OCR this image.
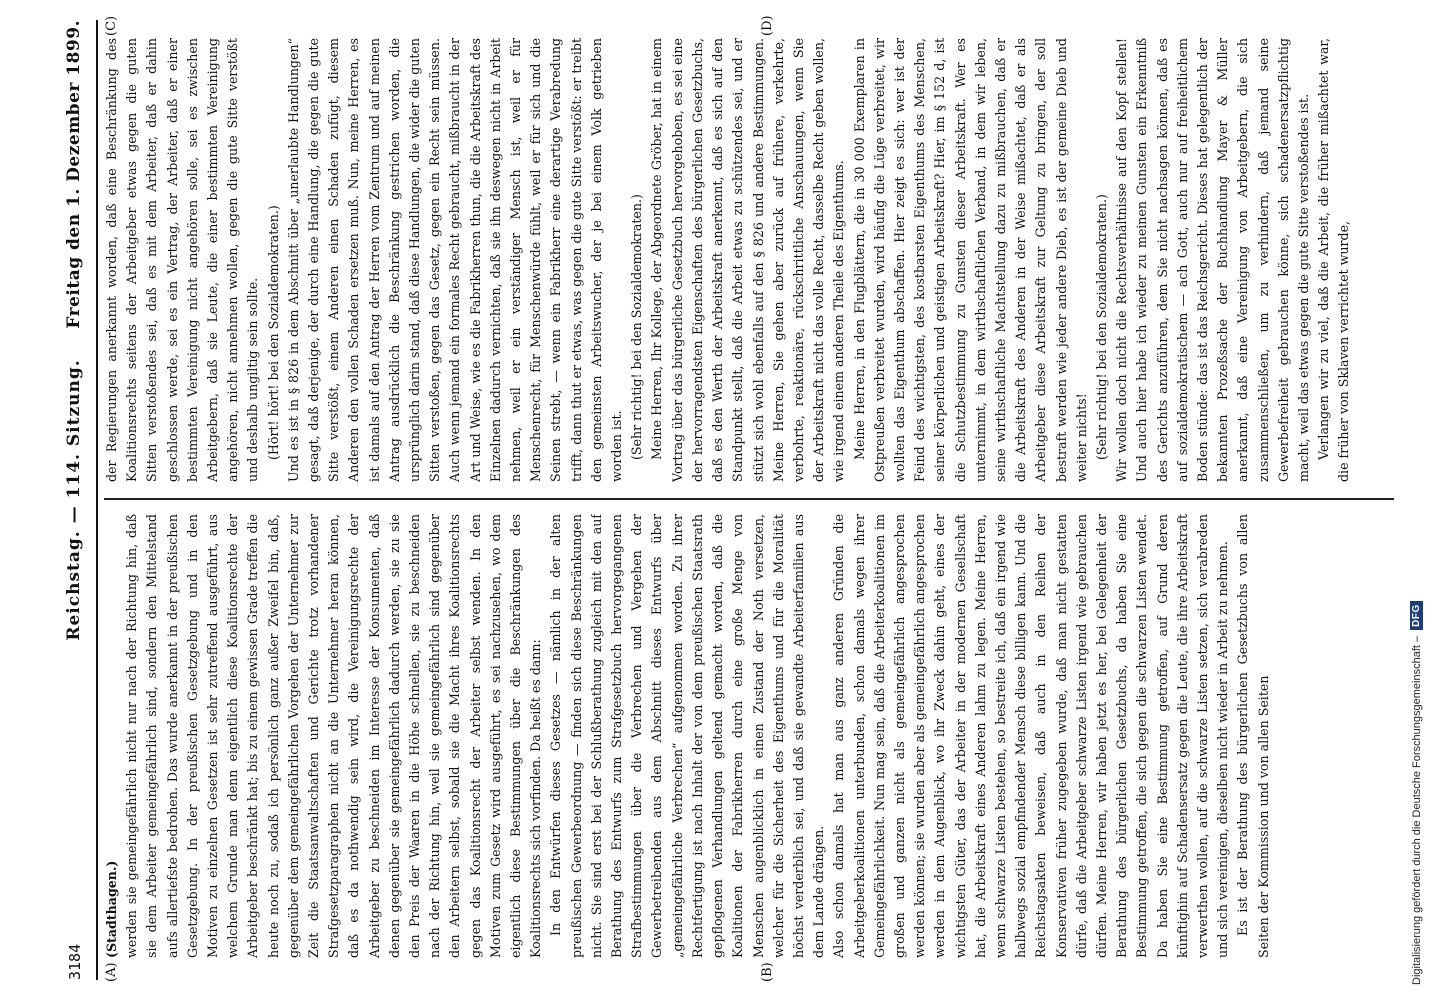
3184
Reichstag. — 114. Sitzung.
Freitag den 1. Dezember 1899.
(A)	(B)
(C)	(D)

(Stadthagen.) werden sie gemeingefährlich nicht nur nach der Richtung hin, daß sie dem Arbeiter gemeingefährlich sind, sondern den Mittelstand aufs allertiefste bedrohen. Das wurde anerkannt in der preußischen Gesetzgebung. In der preußischen Gesetzgebung und in den Motiven zu einzelnen Gesetzen ist sehr zutreffend ausgeführt, aus welchem Grunde man denn eigentlich diese Koalitionsrechte der Arbeitgeber beschränkt hat; bis zu einem gewissen Grade treffen die heute noch zu, sodaß ich persönlich ganz außer Zweifel bin, daß, gegenüber dem gemeingefährlichen Vorgehen der Unternehmer zur Zeit die Staatsanwaltschaften und Gerichte trotz vorhandener Strafgesetzparagraphen nicht an die Unternehmer heran können, daß es da nothwendig sein wird, die Vereinigungsrechte der Arbeitgeber zu beschneiden im Interesse der Konsumenten, daß denen gegenüber sie gemeingefährlich dadurch werden, sie zu sie den Preis der Waaren in die Höhe schnellen, sie zu beschneiden nach der Richtung hin, weil sie gemeingefährlich sind gegenüber den Arbeitern selbst, sobald sie die Macht ihres Koalitionsrechts gegen das Koalitionsrecht der Arbeiter selbst wenden. In den Motiven zum Gesetz wird ausgeführt, es sei nachzusehen, wo dem eigentlich diese Bestimmungen über die Beschränkungen des Koalitionsrechts sich vorfinden. Da heißt es dann: In den Entwürfen dieses Gesetzes — nämlich in der alten preußischen Gewerbeordnung — finden sich diese Beschränkungen nicht. Sie sind erst bei der Schlußberathung zugleich mit den auf Berathung des Entwurfs zum Strafgesetzbuch hervorgegangenen Strafbestimmungen über die Verbrechen und Vergehen der Gewerbetreibenden aus dem Abschnitt dieses Entwurfs über „gemeingefährliche Verbrechen“ aufgenommen worden. Zu ihrer Rechtfertigung ist nach Inhalt der von dem preußischen Staatsrath gepflogenen Verhandlungen geltend gemacht worden, daß die Koalitionen der Fabrikherren durch eine große Menge von Menschen augenblicklich in einen Zustand der Noth versetzen, welcher für die Sicherheit des Eigenthums und für die Moralität höchst verderblich sei, und daß sie gewandte Arbeiterfamilien aus dem Lande drängen. Also schon damals hat man aus ganz anderen Gründen die Arbeitgeberkoalitionen unterbunden, schon damals wegen ihrer Gemeingefährlichkeit. Nun mag sein, daß die Arbeiterkoalitionen im großen und ganzen nicht als gemeingefährlich angesprochen werden können; sie wurden aber als gemeingefährlich angesprochen werden in dem Augenblick, wo ihr Zweck dahin geht, eines der wichtigsten Güter, das der Arbeiter in der modernen Gesellschaft hat, die Arbeitskraft eines Anderen lahm zu legen. Meine Herren, wenn schwarze Listen bestehen, so bestreite ich, daß ein irgend wie halbwegs sozial empfindender Mensch diese billigen kann. Und die Reichstagsakten beweisen, daß auch in den Reihen der Konservativen früher zugegeben wurde, daß man nicht gestatten dürfe, daß die Arbeitgeber schwarze Listen irgend wie gebrauchen dürfen. Meine Herren, wir haben jetzt es her, bei Gelegenheit der Berathung des bürgerlichen Gesetzbuchs, da haben Sie eine Bestimmung getroffen, die sich gegen die schwarzen Listen wendet. Da haben Sie eine Bestimmung getroffen, auf Grund deren künftighin auf Schadensersatz gegen die Leute, die ihre Arbeitskraft verwerthen wollen, auf die schwarze Listen setzen, sich verabreden und sich vereinigen, dieselben nicht wieder in Arbeit zu nehmen. Es ist der Berathung des bürgerlichen Gesetzbuchs von allen Seiten der Kommission und von allen Seiten

der Regierungen anerkannt worden, daß eine Beschränkung des Koalitionsrechts seitens der Arbeitgeber etwas gegen die guten Sitten verstoßendes sei, daß es mit dem Arbeiter, daß er dahin geschlossen werde, sei es ein Vertrag, der Arbeiter, daß er einer bestimmten Vereinigung nicht angehören solle, sei es zwischen Arbeitgebern, daß sie Leute, die einer bestimmten Vereinigung angehören, nicht annehmen wollen, gegen die gute Sitte verstößt und deshalb ungiltig sein sollte. (Hört! hört! bei den Sozialdemokraten.) Und es ist in § 826 in dem Abschnitt über „unerlaubte Handlungen“ gesagt, daß derjenige, der durch eine Handlung, die gegen die gute Sitte verstößt, einem Anderen einen Schaden zufügt, diesem Anderen den vollen Schaden ersetzen muß. Nun, meine Herren, es ist damals auf den Antrag der Herren vom Zentrum und auf meinen Antrag ausdrücklich die Beschränkung gestrichen worden, die ursprünglich darin stand, daß diese Handlungen, die wider die guten Sitten verstoßen, gegen das Gesetz, gegen ein Recht sein müssen. Auch wenn jemand ein formales Recht gebraucht, mißbraucht in der Art und Weise, wie es die Fabrikherren thun, die die Arbeitskraft des Einzelnen dadurch vernichten, daß sie ihn deswegen nicht in Arbeit nehmen, weil er ein verständiger Mensch ist, weil er für Menschenrecht, für Menschenwürde fühlt, weil er für sich und die Seinen strebt, — wenn ein Fabrikherr eine derartige Verabredung trifft, dann thut er etwas, was gegen die gute Sitte verstößt: er treibt den gemeinsten Arbeitswucher, der je bei einem Volk getrieben worden ist. (Sehr richtig! bei den Sozialdemokraten.) Meine Herren, Ihr Kollege, der Abgeordnete Gröber, hat in einem Vortrag über das bürgerliche Gesetzbuch hervorgehoben, es sei eine der hervorragendsten Eigenschaften des bürgerlichen Gesetzbuchs, daß es den Werth der Arbeitskraft anerkennt, daß es sich auf den Standpunkt stellt, daß die Arbeit etwas zu schützendes sei, und er stützt sich wohl ebenfalls auf den § 826 und andere Bestimmungen. Meine Herren, Sie gehen aber zurück auf frühere, verkehrte, verbohrte, reaktionäre, rückschrittliche Anschauungen, wenn Sie der Arbeitskraft nicht das volle Recht, dasselbe Recht geben wollen, wie irgend einem anderen Theile des Eigenthums. Meine Herren, in den Flugblättern, die in 30 000 Exemplaren in Ostpreußen verbreitet wurden, wird häufig die Lüge verbreitet, wir wollten das Eigenthum abschaffen. Hier zeigt es sich: wer ist der Feind des wichtigsten, des kostbarsten Eigenthums des Menschen, seiner körperlichen und geistigen Arbeitskraft? Hier, im § 152 d, ist die Schutzbestimmung zu Gunsten dieser Arbeitskraft. Wer es unternimmt, in dem wirthschaftlichen Verband, in dem wir leben, seine wirthschaftliche Machtstellung dazu zu mißbrauchen, daß er die Arbeitskraft des Anderen in der Weise mißachtet, daß er als Arbeitgeber diese Arbeitskraft zur Geltung zu bringen, der soll bestraft werden wie jeder andere Dieb, es ist der gemeine Dieb und weiter nichts! (Sehr richtig! bei den Sozialdemokraten.) Wir wollen doch nicht die Rechtsverhältnisse auf den Kopf stellen! Und auch hier habe ich wieder zu meinen Gunsten ein Erkenntniß des Gerichts anzuführen, dem Sie nicht nachsagen können, daß es auf sozialdemokratischem — ach Gott, auch nur auf freiheitlichem Boden stünde: das ist das Reichsgericht. Dieses hat gelegentlich der bekannten Prozeßsache der Buchhandlung Mayer & Müller anerkannt, daß eine Vereinigung von Arbeitgebern, die sich zusammenschließen, um zu verhindern, daß jemand seine Gewerbefreiheit gebrauchen könne, sich schadenersatzpflichtig macht, weil das etwas gegen die gute Sitte verstoßendes ist. Verlangen wir zu viel, daß die Arbeit, die früher mißachtet war, die früher von Sklaven verrichtet wurde,

Digitalisierung gefördert durch die Deutsche Forschungsgemeinschaft –
DFG
